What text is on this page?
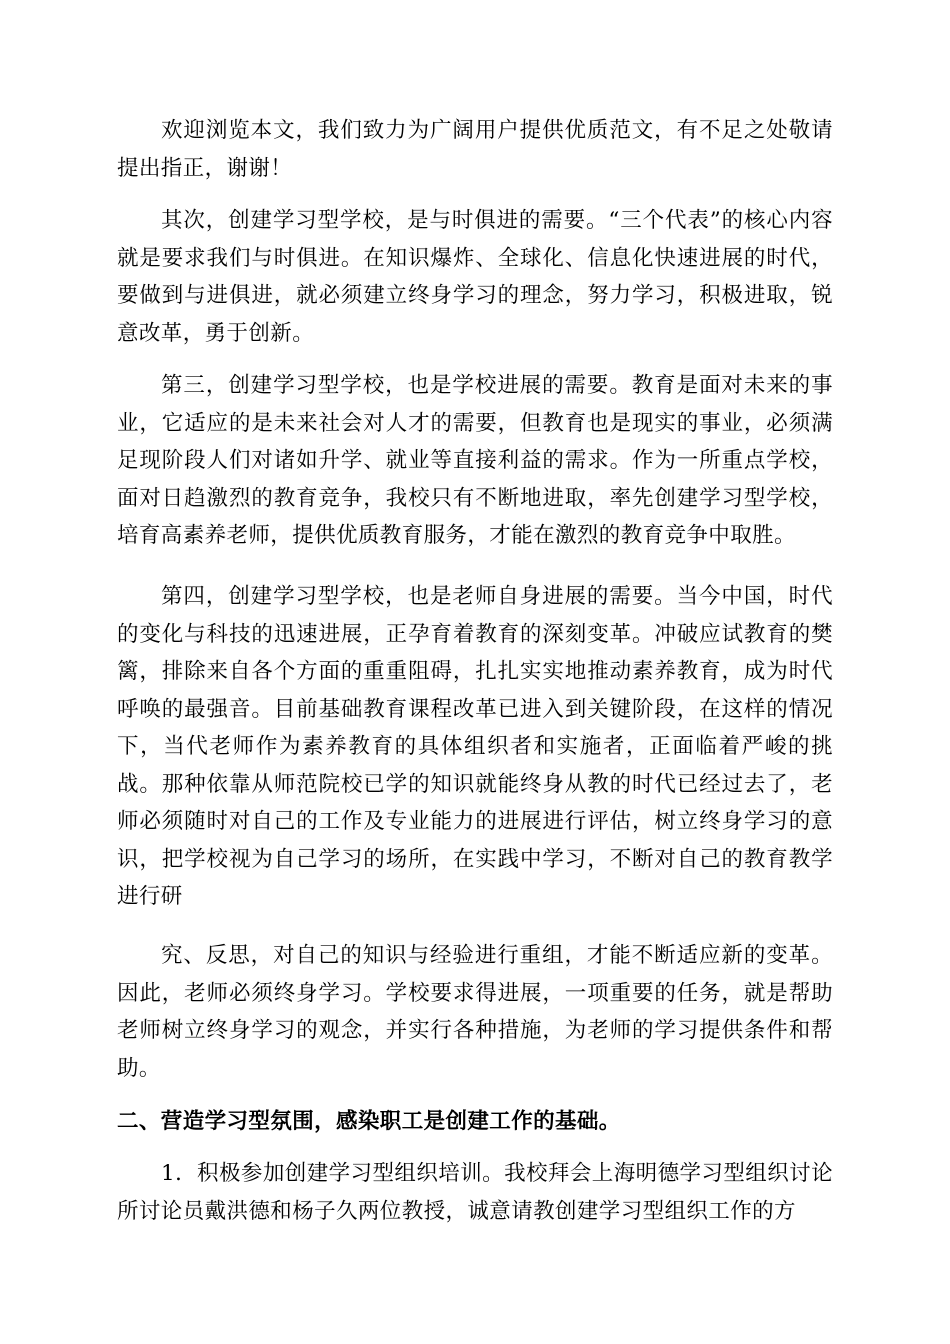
欢迎浏览本文，我们致力为广阔用户提供优质范文，有不足之处敬请提出指正，谢谢！

其次，创建学习型学校，是与时俱进的需要。“三个代表”的核心内容就是要求我们与时俱进。在知识爆炸、全球化、信息化快速进展的时代，要做到与进俱进，就必须建立终身学习的理念，努力学习，积极进取，锐意改革，勇于创新。

第三，创建学习型学校，也是学校进展的需要。教育是面对未来的事业，它适应的是未来社会对人才的需要，但教育也是现实的事业，必须满足现阶段人们对诸如升学、就业等直接利益的需求。作为一所重点学校，面对日趋激烈的教育竞争，我校只有不断地进取，率先创建学习型学校，培育高素养老师，提供优质教育服务，才能在激烈的教育竞争中取胜。

第四，创建学习型学校，也是老师自身进展的需要。当今中国，时代的变化与科技的迅速进展，正孕育着教育的深刻变革。冲破应试教育的樊篱，排除来自各个方面的重重阻碍，扎扎实实地推动素养教育，成为时代呼唤的最强音。目前基础教育课程改革已进入到关键阶段，在这样的情况下，当代老师作为素养教育的具体组织者和实施者，正面临着严峻的挑战。那种依靠从师范院校已学的知识就能终身从教的时代已经过去了，老师必须随时对自己的工作及专业能力的进展进行评估，树立终身学习的意识，把学校视为自己学习的场所，在实践中学习，不断对自己的教育教学进行研

究、反思，对自己的知识与经验进行重组，才能不断适应新的变革。因此，老师必须终身学习。学校要求得进展，一项重要的任务，就是帮助老师树立终身学习的观念，并实行各种措施，为老师的学习提供条件和帮助。

二、营造学习型氛围，感染职工是创建工作的基础。

1．积极参加创建学习型组织培训。我校拜会上海明德学习型组织讨论所讨论员戴洪德和杨子久两位教授，诚意请教创建学习型组织工作的方
